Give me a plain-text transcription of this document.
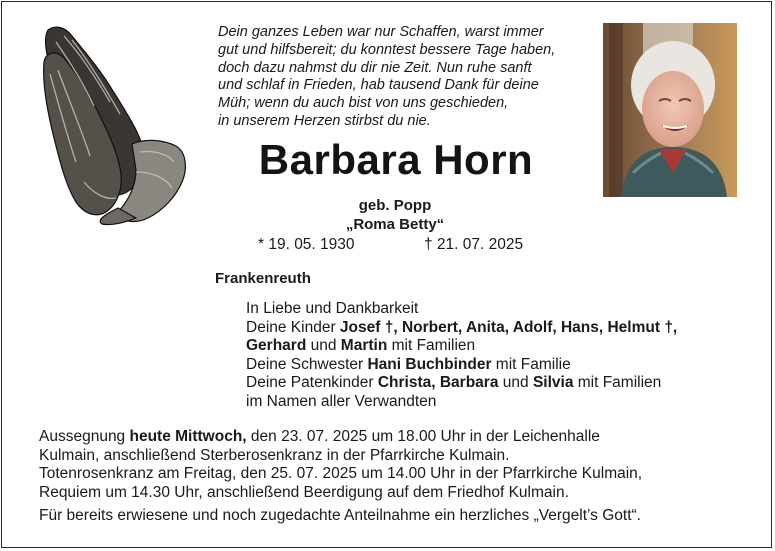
Dein ganzes Leben war nur Schaffen, warst immer
gut und hilfsbereit; du konntest bessere Tage haben,
doch dazu nahmst du dir nie Zeit. Nun ruhe sanft
und schlaf in Frieden, hab tausend Dank für deine
Müh; wenn du auch bist von uns geschieden,
in unserem Herzen stirbst du nie.
Barbara Horn
geb. Popp
„Roma Betty“
* 19. 05. 1930	† 21. 07. 2025
Frankenreuth
In Liebe und Dankbarkeit
Deine Kinder Josef †, Norbert, Anita, Adolf, Hans, Helmut †,
Gerhard und Martin mit Familien
Deine Schwester Hani Buchbinder mit Familie
Deine Patenkinder Christa, Barbara und Silvia mit Familien
im Namen aller Verwandten
Aussegnung heute Mittwoch, den 23. 07. 2025 um 18.00 Uhr in der Leichenhalle
Kulmain, anschließend Sterberosenkranz in der Pfarrkirche Kulmain.
Totenrosenkranz am Freitag, den 25. 07. 2025 um 14.00 Uhr in der Pfarrkirche Kulmain,
Requiem um 14.30 Uhr, anschließend Beerdigung auf dem Friedhof Kulmain.
Für bereits erwiesene und noch zugedachte Anteilnahme ein herzliches „Vergelt’s Gott“.
